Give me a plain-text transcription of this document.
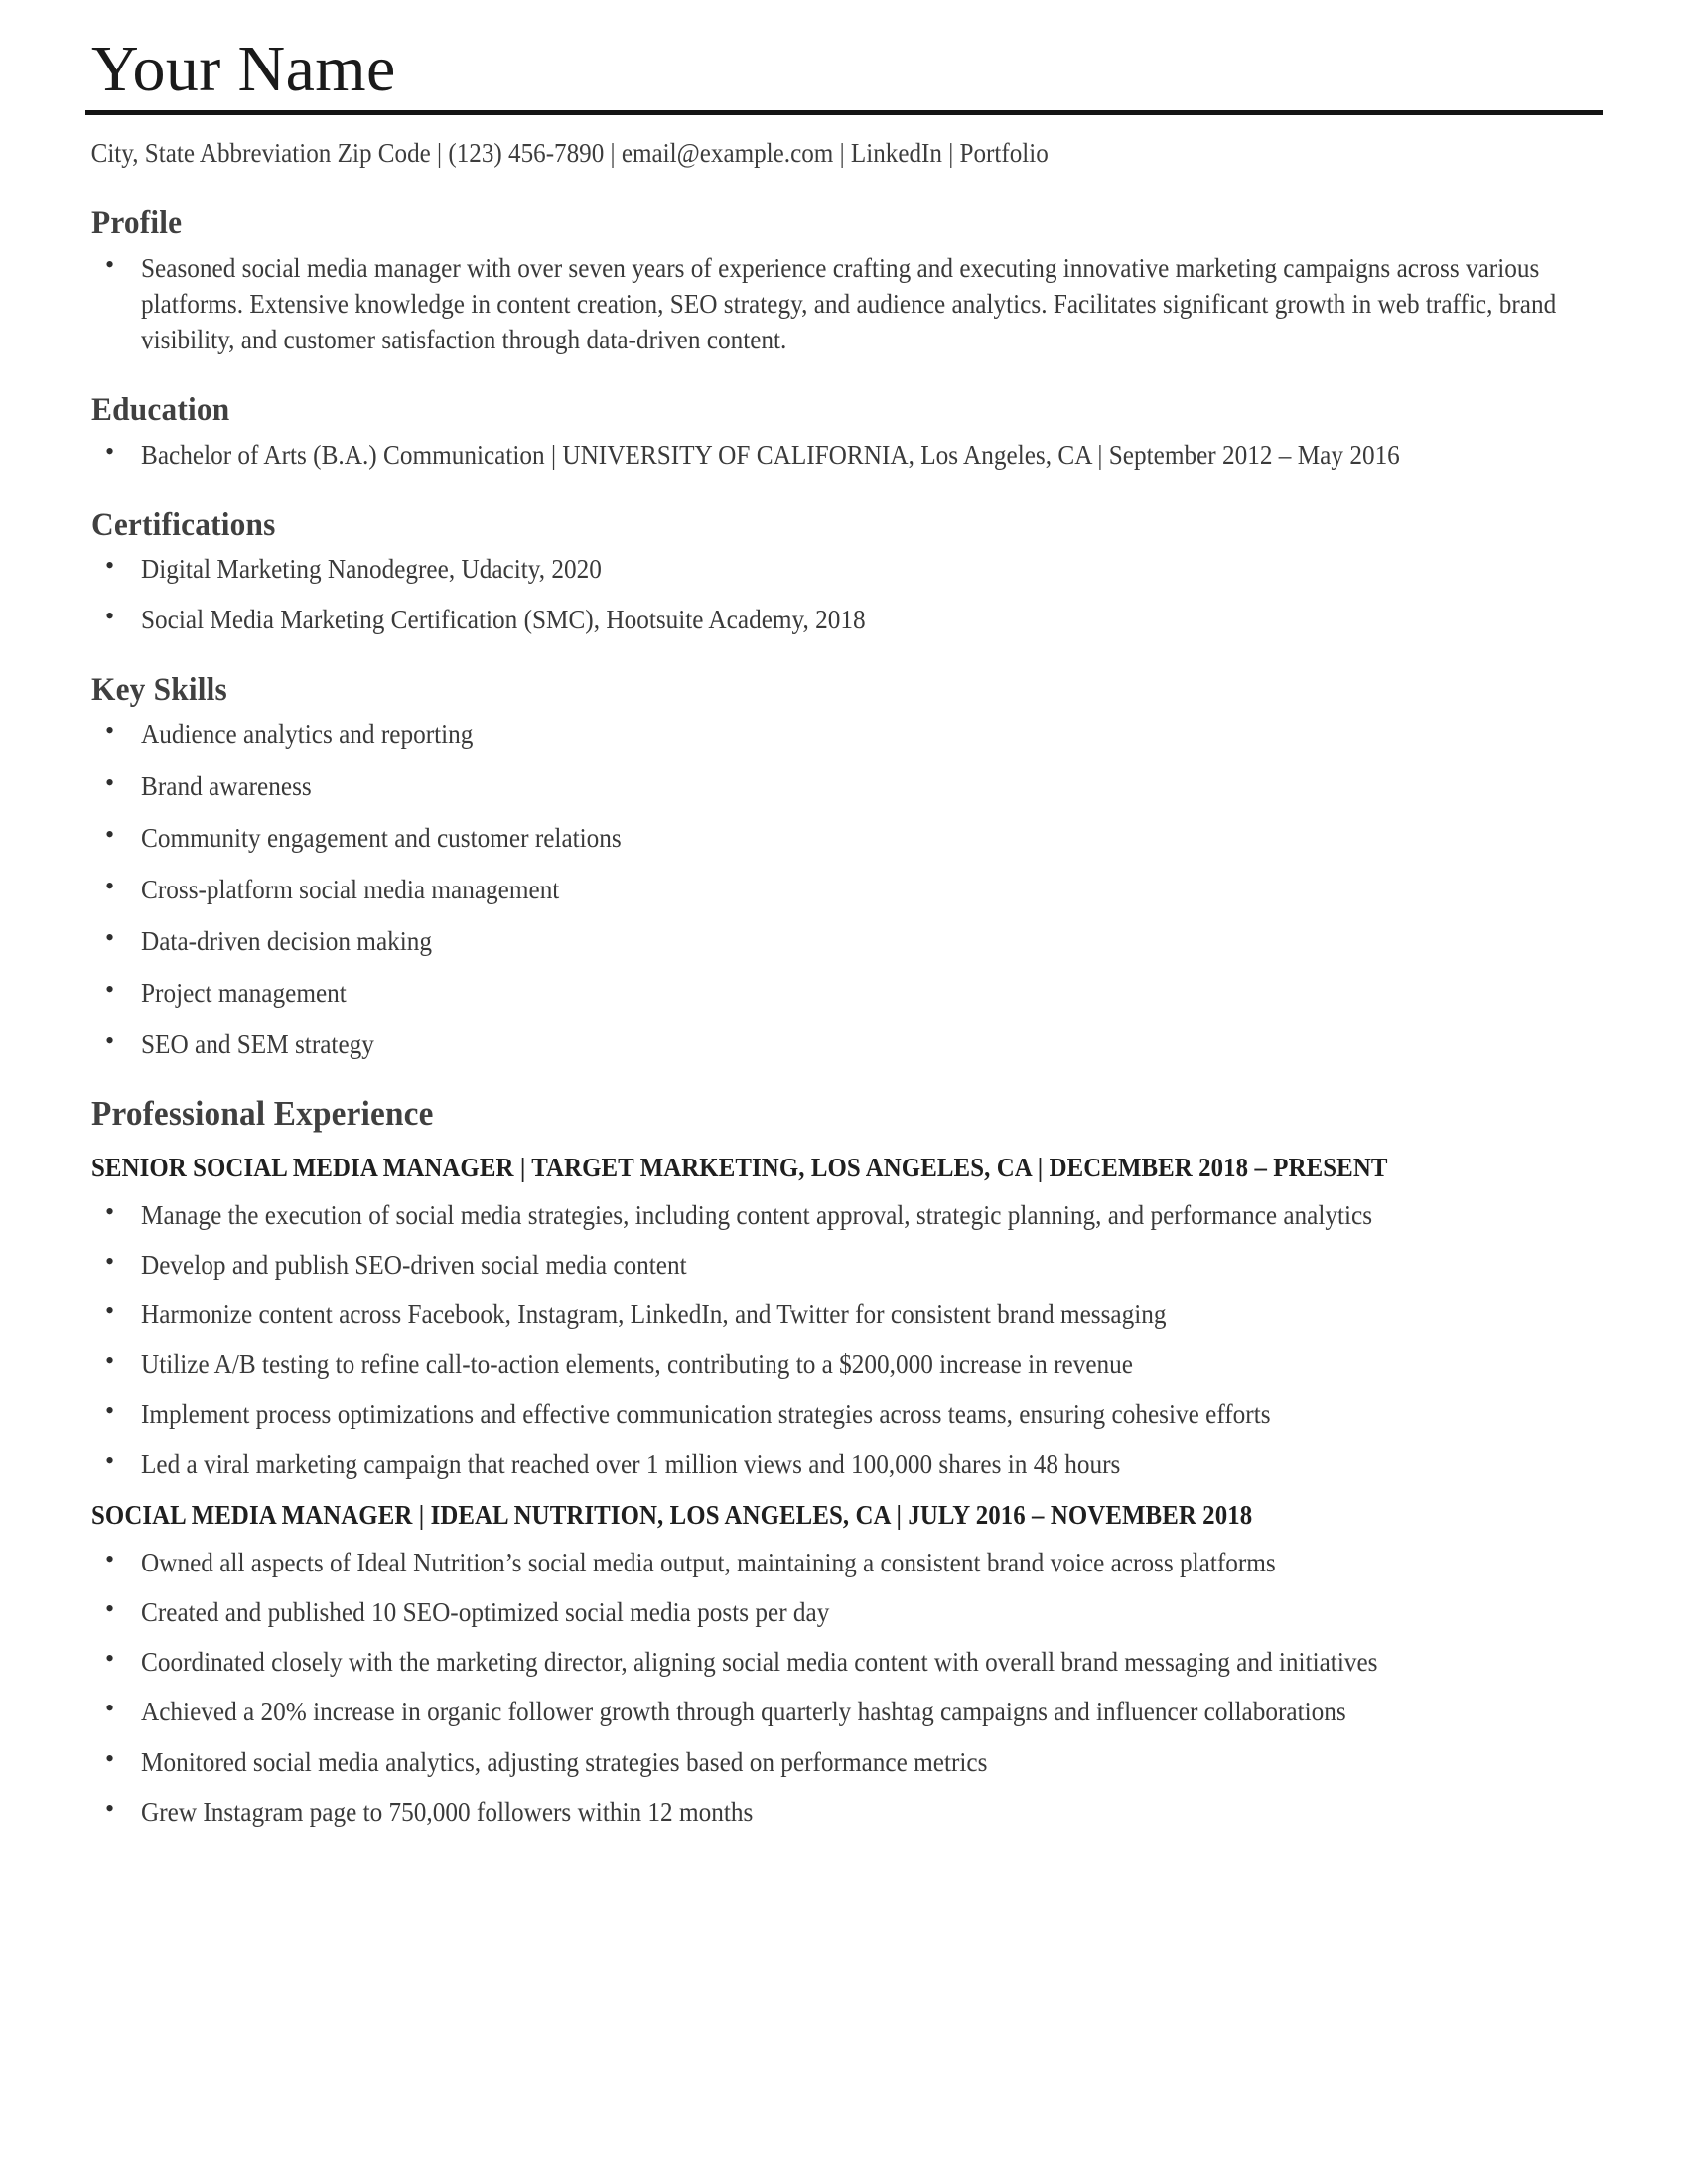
Your Name
City, State Abbreviation Zip Code | (123) 456-7890 | email@example.com | LinkedIn | Portfolio
Profile
• Seasoned social media manager with over seven years of experience crafting and executing innovative marketing campaigns across various platforms. Extensive knowledge in content creation, SEO strategy, and audience analytics. Facilitates significant growth in web traffic, brand visibility, and customer satisfaction through data-driven content.
Education
• Bachelor of Arts (B.A.) Communication | UNIVERSITY OF CALIFORNIA, Los Angeles, CA | September 2012 – May 2016
Certifications
• Digital Marketing Nanodegree, Udacity, 2020
• Social Media Marketing Certification (SMC), Hootsuite Academy, 2018
Key Skills
• Audience analytics and reporting
• Brand awareness
• Community engagement and customer relations
• Cross-platform social media management
• Data-driven decision making
• Project management
• SEO and SEM strategy
Professional Experience
SENIOR SOCIAL MEDIA MANAGER | TARGET MARKETING, LOS ANGELES, CA | DECEMBER 2018 – PRESENT
• Manage the execution of social media strategies, including content approval, strategic planning, and performance analytics
• Develop and publish SEO-driven social media content
• Harmonize content across Facebook, Instagram, LinkedIn, and Twitter for consistent brand messaging
• Utilize A/B testing to refine call-to-action elements, contributing to a $200,000 increase in revenue
• Implement process optimizations and effective communication strategies across teams, ensuring cohesive efforts
• Led a viral marketing campaign that reached over 1 million views and 100,000 shares in 48 hours
SOCIAL MEDIA MANAGER | IDEAL NUTRITION, LOS ANGELES, CA | JULY 2016 – NOVEMBER 2018
• Owned all aspects of Ideal Nutrition’s social media output, maintaining a consistent brand voice across platforms
• Created and published 10 SEO-optimized social media posts per day
• Coordinated closely with the marketing director, aligning social media content with overall brand messaging and initiatives
• Achieved a 20% increase in organic follower growth through quarterly hashtag campaigns and influencer collaborations
• Monitored social media analytics, adjusting strategies based on performance metrics
• Grew Instagram page to 750,000 followers within 12 months
